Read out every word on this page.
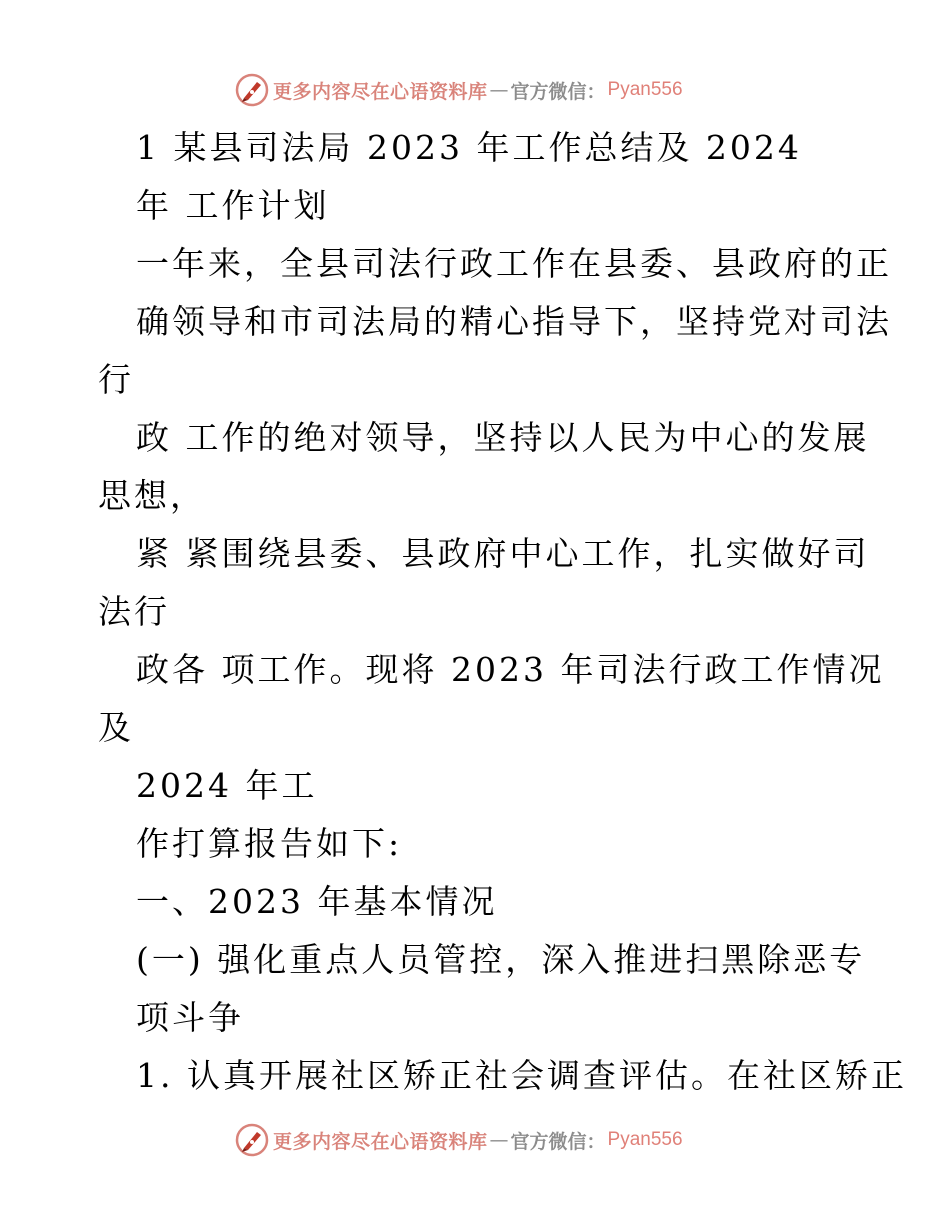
更多内容尽在心语资料库 — 官方微信： Pyan556
1 某县司法局 2023 年工作总结及 2024
年 工作计划
一年来，全县司法行政工作在县委、县政府的正
确领导和市司法局的精心指导下，坚持党对司法
行
政 工作的绝对领导，坚持以人民为中心的发展
思想，
紧 紧围绕县委、县政府中心工作，扎实做好司
法行
政各 项工作。现将 2023 年司法行政工作情况
及
2024 年工
作打算报告如下:
一、2023 年基本情况
(一) 强化重点人员管控，深入推进扫黑除恶专
项斗争
1. 认真开展社区矫正社会调查评估。在社区矫正
更多内容尽在心语资料库 — 官方微信： Pyan556
